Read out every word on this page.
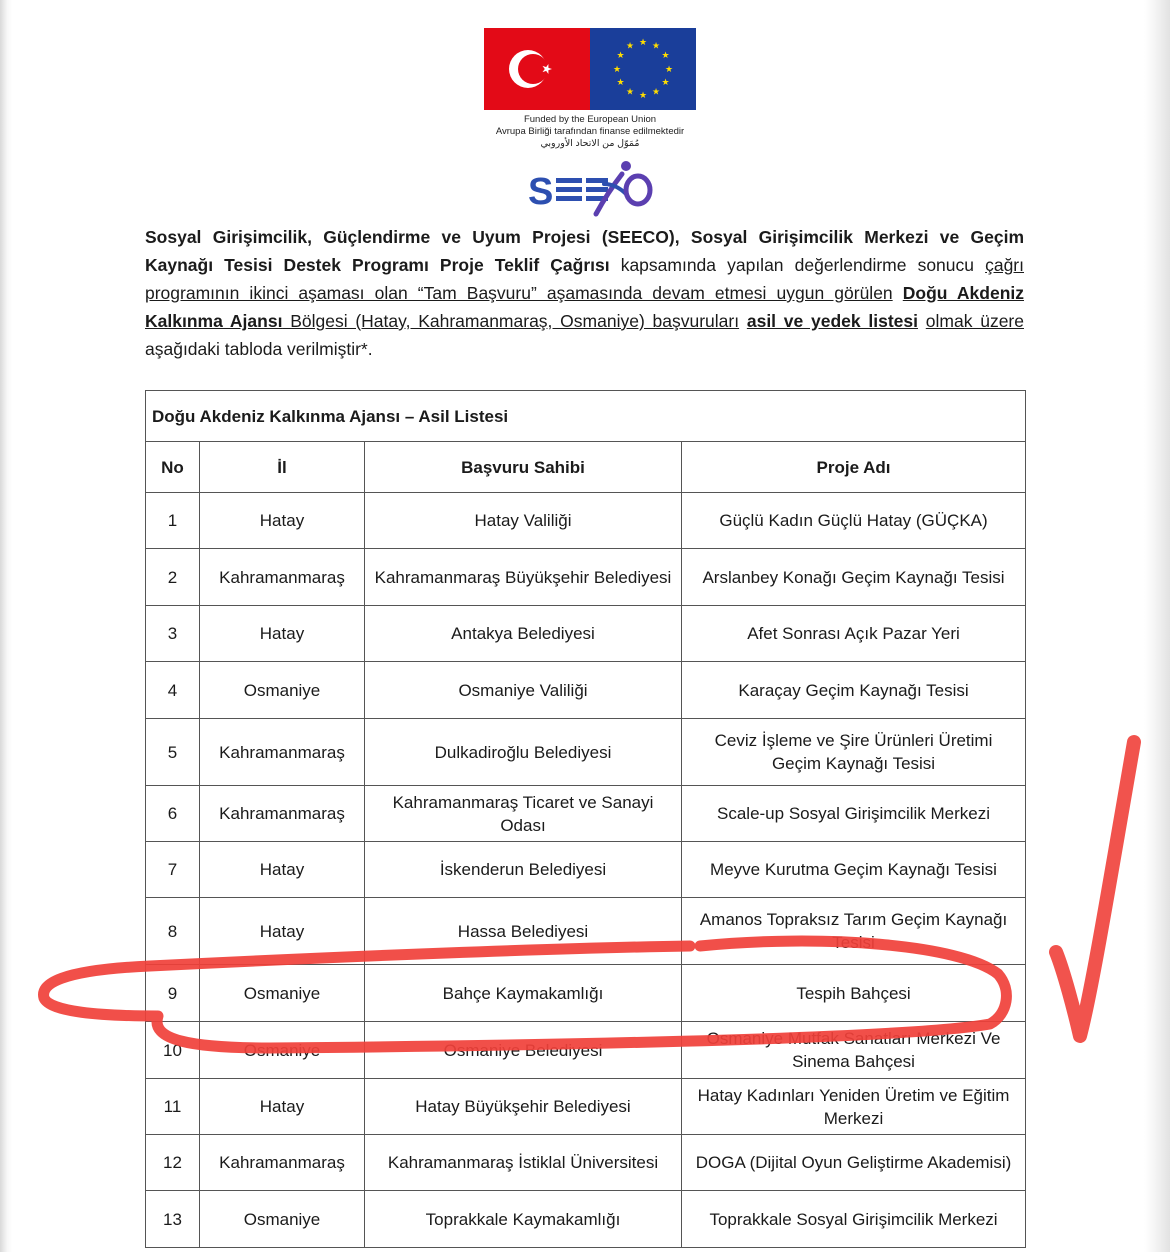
★ ★
★
★
★
★
★
★
★
★
★
★
Funded by the European Union
Avrupa Birliği tarafından finanse edilmektedir
مُمَوّل من الاتحاد الأوروبي
S
Sosyal Girişimcilik, Güçlendirme ve Uyum Projesi (SEECO), Sosyal Girişimcilik Merkezi ve Geçim Kaynağı Tesisi Destek Programı Proje Teklif Çağrısı kapsamında yapılan değerlendirme sonucu çağrı programının ikinci aşaması olan “Tam Başvuru” aşamasında devam etmesi uygun görülen Doğu Akdeniz Kalkınma Ajansı Bölgesi (Hatay, Kahramanmaraş, Osmaniye) başvuruları asil ve yedek listesi olmak üzere aşağıdaki tabloda verilmiştir*.
Doğu Akdeniz Kalkınma Ajansı – Asil Listesi			
No	İl	Başvuru Sahibi	Proje Adı
1	Hatay	Hatay Valiliği	Güçlü Kadın Güçlü Hatay (GÜÇKA)
2	Kahramanmaraş	Kahramanmaraş Büyükşehir Belediyesi	Arslanbey Konağı Geçim Kaynağı Tesisi
3	Hatay	Antakya Belediyesi	Afet Sonrası Açık Pazar Yeri
4	Osmaniye	Osmaniye Valiliği	Karaçay Geçim Kaynağı Tesisi
5	Kahramanmaraş	Dulkadiroğlu Belediyesi	Ceviz İşleme ve Şire Ürünleri Üretimi Geçim Kaynağı Tesisi
6	Kahramanmaraş	Kahramanmaraş Ticaret ve Sanayi Odası	Scale-up Sosyal Girişimcilik Merkezi
7	Hatay	İskenderun Belediyesi	Meyve Kurutma Geçim Kaynağı Tesisi
8	Hatay	Hassa Belediyesi	Amanos Topraksız Tarım Geçim Kaynağı Tesisi
9	Osmaniye	Bahçe Kaymakamlığı	Tespih Bahçesi
10	Osmaniye	Osmaniye Belediyesi	Osmaniye Mutfak Sanatları Merkezi Ve Sinema Bahçesi
11	Hatay	Hatay Büyükşehir Belediyesi	Hatay Kadınları Yeniden Üretim ve Eğitim Merkezi
12	Kahramanmaraş	Kahramanmaraş İstiklal Üniversitesi	DOGA (Dijital Oyun Geliştirme Akademisi)
13	Osmaniye	Toprakkale Kaymakamlığı	Toprakkale Sosyal Girişimcilik Merkezi
